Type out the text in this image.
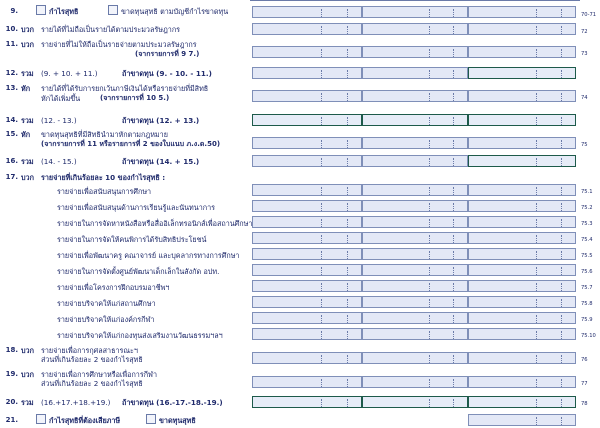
9.	กำไรสุทธิ	ขาดทุนสุทธิ ตามบัญชีกำไรขาดทุน	70-71
10. บวก รายได้ที่ไม่ถือเป็นรายได้ตามประมวลรัษฎากร	72
11. บวก รายจ่ายที่ไม่ให้ถือเป็นรายจ่ายตามประมวลรัษฎากร
(จากรายการที่ 9 7.)	73
12. รวม (9. + 10. + 11.)	ถ้าขาดทุน (9. - 10. - 11.)
13. หัก รายได้ที่ได้รับการยกเว้นภาษีเงินได้หรือรายจ่ายที่มีสิทธิ
หักได้เพิ่มขึ้น	(จากรายการที่ 10 5.)	74
14. รวม (12. - 13.)	ถ้าขาดทุน (12. + 13.)
15. หัก ขาดทุนสุทธิที่มีสิทธินำมาหักตามกฎหมาย
(จากรายการที่ 11 หรือรายการที่ 2 ของใบแนบ ภ.ง.ด.50)	75
16. รวม (14. - 15.)	ถ้าขาดทุน (14. + 15.)
17. บวก รายจ่ายที่เกินร้อยละ 10 ของกำไรสุทธิ :
รายจ่ายเพื่อสนับสนุนการศึกษา	75.1
รายจ่ายเพื่อสนับสนุนด้านการเรียนรู้และนันทนาการ	75.2
รายจ่ายในการจัดหาหนังสือหรือสื่ออิเล็กทรอนิกส์เพื่อสถานศึกษา	75.3
รายจ่ายในการจัดให้คนพิการได้รับสิทธิประโยชน์	75.4
รายจ่ายเพื่อพัฒนาครู คณาจารย์ และบุคลากรทางการศึกษา	75.5
รายจ่ายในการจัดตั้งศูนย์พัฒนาเด็กเล็กในสังกัด อปท.	75.6
รายจ่ายเพื่อโครงการฝึกอบรมอาชีพฯ	75.7
รายจ่ายบริจาคให้แก่สถานศึกษา	75.8
รายจ่ายบริจาคให้แก่องค์กรกีฬา	75.9
รายจ่ายบริจาคให้แก่กองทุนส่งเสริมงานวัฒนธรรมฯลฯ	75.10
18. บวก รายจ่ายเพื่อการกุศลสาธารณะฯ
ส่วนที่เกินร้อยละ 2 ของกำไรสุทธิ	76
19. บวก รายจ่ายเพื่อการศึกษาหรือเพื่อการกีฬา
ส่วนที่เกินร้อยละ 2 ของกำไรสุทธิ	77
20. รวม (16.+17.+18.+19.) ถ้าขาดทุน (16.-17.-18.-19.)	78
21.	กำไรสุทธิที่ต้องเสียภาษี	ขาดทุนสุทธิ
